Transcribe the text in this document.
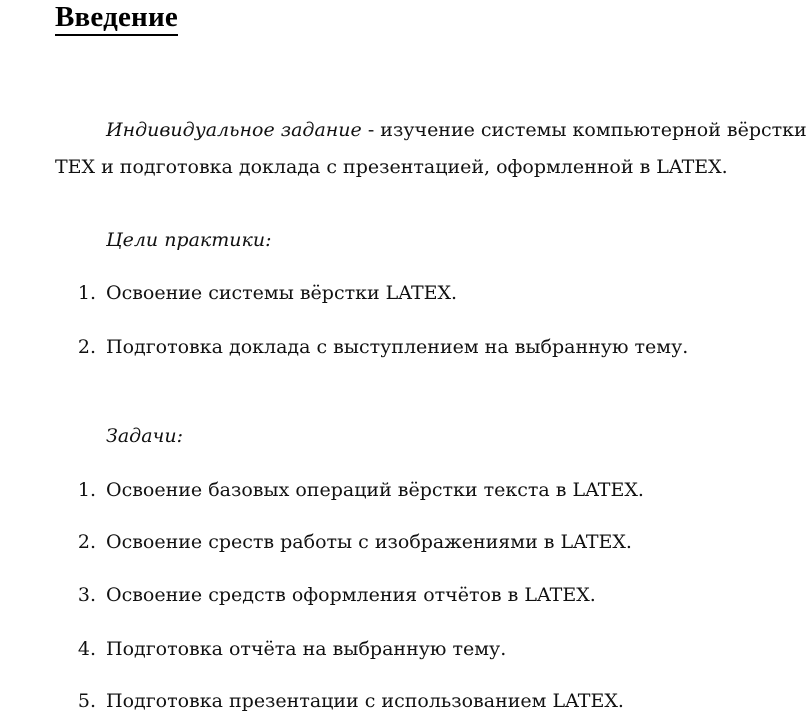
Введение
Индивидуальное задание - изучение системы компьютерной вёрстки
TEX и подготовка доклада с презентацией, оформленной в LATEX.
Цели практики:
1. Освоение системы вёрстки LATEX.
2. Подготовка доклада с выступлением на выбранную тему.
Задачи:
1. Освоение базовых операций вёрстки текста в LATEX.
2. Освоение срeств работы с изображениями в LATEX.
3. Освоение средств оформления отчётов в LATEX.
4. Подготовка отчёта на выбранную тему.
5. Подготовка презентации с использованием LATEX.
